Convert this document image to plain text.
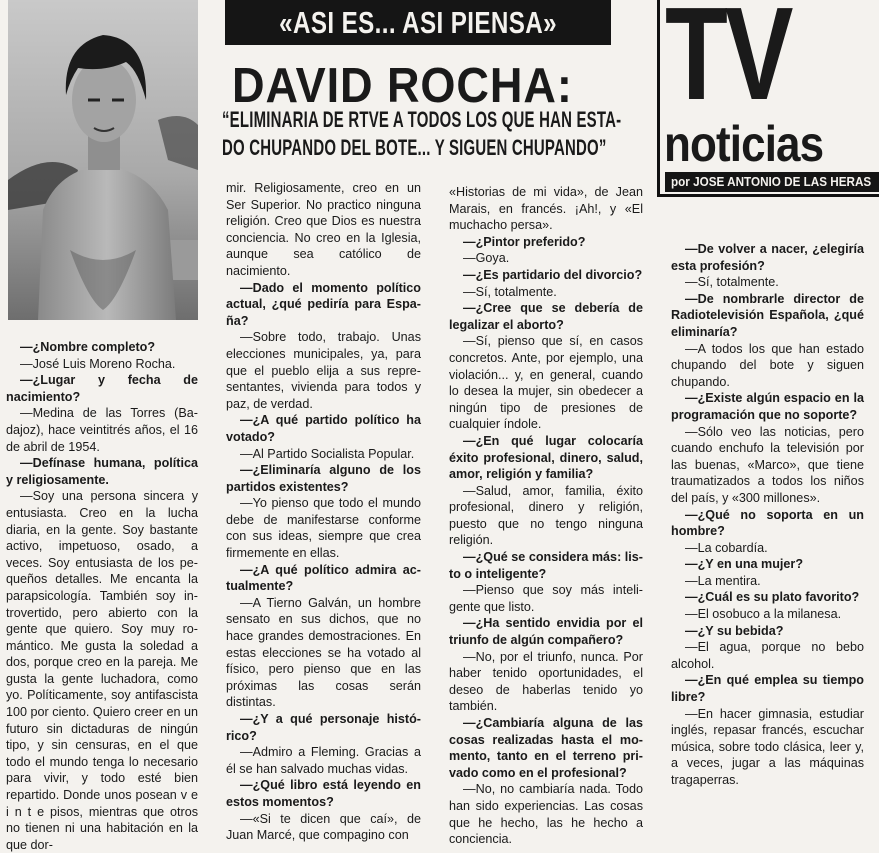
«ASI ES... ASI PIENSA»
DAVID ROCHA:
“ELIMINARIA DE RTVE A TODOS LOS QUE HAN ESTA-
DO CHUPANDO DEL BOTE... Y SIGUEN CHUPANDO”
TV
noticias
por JOSE ANTONIO DE LAS HERAS

—¿Nombre completo?

—José Luis Moreno Rocha.

—¿Lugar y fecha de nacimiento?

—Medina de las Torres (Badajoz), hace veintitrés años, el 16 de abril de 1954.

—Defínase humana, política y religiosamente.

—Soy una persona sincera y entusiasta. Creo en la lucha diaria, en la gente. Soy bastante activo, impetuoso, osado, a veces. Soy entusiasta de los pequeños detalles. Me encanta la parapsicología. También soy introvertido, pero abierto con la gente que quiero. Soy muy romántico. Me gusta la soledad a dos, porque creo en la pareja. Me gusta la gente luchadora, como yo. Políticamente, soy antifascista 100 por ciento. Quiero creer en un futuro sin dictaduras de ningún tipo, y sin censuras, en el que todo el mundo tenga lo necesario para vivir, y todo esté bien repartido. Donde unos posean v e i n t e pisos, mientras que otros no tienen ni una habitación en la que dor-

mir. Religiosamente, creo en un Ser Superior. No practico ninguna religión. Creo que Dios es nuestra conciencia. No creo en la Iglesia, aunque sea católico de nacimiento.

—Dado el momento político actual, ¿qué pediría para España?

—Sobre todo, trabajo. Unas elecciones municipales, ya, para que el pueblo elija a sus representantes, vivienda para todos y paz, de verdad.

—¿A qué partido político ha votado?

—Al Partido Socialista Popular.

—¿Eliminaría alguno de los partidos existentes?

—Yo pienso que todo el mundo debe de manifestarse conforme con sus ideas, siempre que crea firmemente en ellas.

—¿A qué político admira actualmente?

—A Tierno Galván, un hombre sensato en sus dichos, que no hace grandes demostraciones. En estas elecciones se ha votado al físico, pero pienso que en las próximas las cosas serán distintas.

—¿Y a qué personaje histórico?

—Admiro a Fleming. Gracias a él se han salvado muchas vidas.

—¿Qué libro está leyendo en estos momentos?

—«Si te dicen que caí», de Juan Marcé, que compagino con

«Historias de mi vida», de Jean Marais, en francés. ¡Ah!, y «El muchacho persa».

—¿Pintor preferido?

—Goya.

—¿Es partidario del divorcio?

—Sí, totalmente.

—¿Cree que se debería de legalizar el aborto?

—Sí, pienso que sí, en casos concretos. Ante, por ejemplo, una violación... y, en general, cuando lo desea la mujer, sin obedecer a ningún tipo de presiones de cualquier índole.

—¿En qué lugar colocaría éxito profesional, dinero, salud, amor, religión y familia?

—Salud, amor, familia, éxito profesional, dinero y religión, puesto que no tengo ninguna religión.

—¿Qué se considera más: listo o inteligente?

—Pienso que soy más inteligente que listo.

—¿Ha sentido envidia por el triunfo de algún compañero?

—No, por el triunfo, nunca. Por haber tenido oportunidades, el deseo de haberlas tenido yo también.

—¿Cambiaría alguna de las cosas realizadas hasta el momento, tanto en el terreno privado como en el profesional?

—No, no cambiaría nada. Todo han sido experiencias. Las cosas que he hecho, las he hecho a conciencia.

—De volver a nacer, ¿elegiría esta profesión?

—Sí, totalmente.

—De nombrarle director de Radiotelevisión Española, ¿qué eliminaría?

—A todos los que han estado chupando del bote y siguen chupando.

—¿Existe algún espacio en la programación que no soporte?

—Sólo veo las noticias, pero cuando enchufo la televisión por las buenas, «Marco», que tiene traumatizados a todos los niños del país, y «300 millones».

—¿Qué no soporta en un hombre?

—La cobardía.

—¿Y en una mujer?

—La mentira.

—¿Cuál es su plato favorito?

—El osobuco a la milanesa.

—¿Y su bebida?

—El agua, porque no bebo alcohol.

—¿En qué emplea su tiempo libre?

—En hacer gimnasia, estudiar inglés, repasar francés, escuchar música, sobre todo clásica, leer y, a veces, jugar a las máquinas tragaperras.
